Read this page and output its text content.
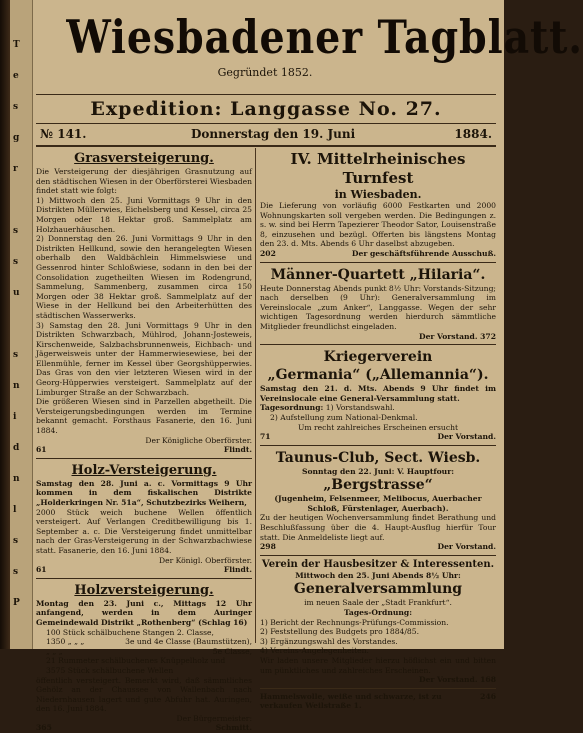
T
e
s
g
r
s
s
u
s
n
i
d
n
l
s
s
P
Wiesbadener Tagblatt.
Gegründet 1852.
Expedition: Langgasse No. 27.
№ 141.	Donnerstag den 19. Juni	1884.
Grasversteigerung.

Die Versteigerung der diesjährigen Grasnutzung auf den städtischen Wiesen in der Oberförsterei Wiesbaden findet statt wie folgt:

1) Mittwoch den 25. Juni Vormittags 9 Uhr in den Distrikten Müllerwies, Eichelsberg und Kessel, circa 25 Morgen oder 18 Hektar groß. Sammelplatz am Holzhauerhäuschen.

2) Donnerstag den 26. Juni Vormittags 9 Uhr in den Distrikten Hellkund, sowie den herangelegten Wiesen oberhalb den Waldbächlein Himmelswiese und Gessenrod hinter Schloßwiese, sodann in den bei der Consolidation zugetheilten Wiesen im Rodengrund, Sammelung, Sammenberg, zusammen circa 150 Morgen oder 38 Hektar groß. Sammelplatz auf der Wiese in der Hellkund bei den Arbeiterhütten des städtischen Wasserwerks.

3) Samstag den 28. Juni Vormittags 9 Uhr in den Distrikten Schwarzbach, Mühlrod, Johann-Josteweis, Kirschenweide, Salzbachsbrunnenweis, Eichbach- und Jägerweisweis unter der Hammerwiesewiese, bei der Ellenmühle, ferner im Kessel über Georgshüpperwies. Das Gras von den vier letzteren Wiesen wird in der Georg-Hüpperwies versteigert. Sammelplatz auf der Limburger Straße an der Schwarzbach.

Die größeren Wiesen sind in Parzellen abgetheilt. Die Versteigerungsbedingungen werden im Termine bekannt gemacht. Forsthaus Fasanerie, den 16. Juni 1884.

Der Königliche Oberförster.
61	Flindt.
Holz-Versteigerung.

Samstag den 28. Juni a. c. Vormittags 9 Uhr kommen in dem fiskalischen Distrikte „Holderkringen Nr. 51a“, Schutzbezirks Weihern,

2000 Stück weich buchene Wellen öffentlich versteigert. Auf Verlangen Creditbewilligung bis 1. September a. c. Die Versteigerung findet unmittelbar nach der Gras-Versteigerung in der Schwarzbachwiese statt. Fasanerie, den 16. Juni 1884.

Der Königl. Oberförster.
61	Flindt.
Holzversteigerung.

Montag den 23. Juni c., Mittags 12 Uhr anfangend, werden in dem Auringer Gemeindewald Distrikt „Rothenberg“ (Schlag 16)

100 Stück schälbuchene Stangen 2. Classe,
1350 „ „ „	3e und 4e Classe (Baumstützen),
„ „ „	5e Classe,
21 Rummeter schälbuchenes Knüppelholz und
3575 Stück schälbuchene Wellen

öffentlich versteigert. Bemerkt wird, daß sämmtliches Gehölz an der Chaussee von Wallenbach nach Niedernhausen lagert und gute Abfuhr hat. Auringen, den 16. Juni 1884.

Der Bürgermeister:
365	Schmitt.
IV. Mittelrheinisches Turnfest
in Wiesbaden.

Die Lieferung von vorläufig 6000 Festkarten und 2000 Wohnungskarten soll vergeben werden. Die Bedingungen z. s. w. sind bei Herrn Tapezierer Theodor Sator, Louisenstraße 8, einzusehen und bezügl. Offerten bis längstens Montag den 23. d. Mts. Abends 6 Uhr daselbst abzugeben.

202	Der geschäftsführende Ausschuß.
Männer-Quartett „Hilaria“.

Heute Donnerstag Abends punkt 8½ Uhr: Vorstands-Sitzung; nach derselben (9 Uhr): Generalversammlung im Vereinslocale „zum Anker“, Langgasse. Wegen der sehr wichtigen Tagesordnung werden hierdurch sämmtliche Mitglieder freundlichst eingeladen.

Der Vorstand. 372
Kriegerverein
„Germania“ („Allemannia“).

Samstag den 21. d. Mts. Abends 9 Uhr findet im Vereinslocale eine General-Versammlung statt.

Tagesordnung: 1) Vorstandswahl.
2) Aufstellung zum National-Denkmal.
Um recht zahlreiches Erscheinen ersucht
71	Der Vorstand.
Taunus-Club, Sect. Wiesb.
Sonntag den 22. Juni: V. Hauptfour:
„Bergstrasse“
(Jugenheim, Felsenmeer, Melibocus, Auerbacher Schloß, Fürstenlager, Auerbach).

Zu der heutigen Wochenversammlung findet Berathung und Beschlußfassung über die 4. Haupt-Ausflug hierfür Tour statt. Die Anmeldeliste liegt auf.

298	Der Vorstand.
Verein der Hausbesitzer & Interessenten.
Mittwoch den 25. Juni Abends 8½ Uhr:
Generalversammlung
im neuen Saale der „Stadt Frankfurt“.
Tages-Ordnung:
1) Bericht der Rechnungs-Prüfungs-Commission.
2) Feststellung des Budgets pro 1884/85.
3) Ergänzungswahl des Vorstandes.
4) Vereins-Angelegenheiten.

Wir laden unsere Mitglieder hierzu höflichst ein und bitten um pünktliches und zahlreiches Erscheinen.

Der Vorstand. 168
Hammelswolle, weiße und schwarze, ist zu verkaufen Weilstraße 1.
246
